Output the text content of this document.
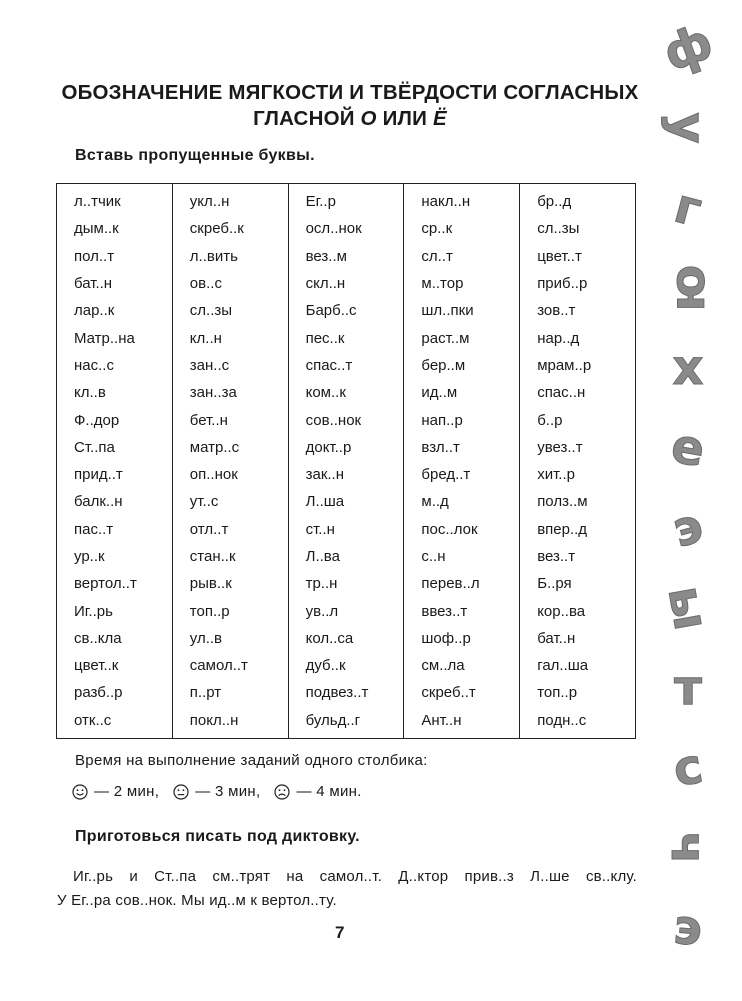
ОБОЗНАЧЕНИЕ МЯГКОСТИ И ТВЁРДОСТИ СОГЛАСНЫХ
ГЛАСНОЙ О ИЛИ Ё
Вставь пропущенные буквы.
л..тчик	укл..н	Ег..р	накл..н	бр..д
дым..к	скреб..к	осл..нок	ср..к	сл..зы
пол..т	л..вить	вез..м	сл..т	цвет..т
бат..н	ов..с	скл..н	м..тор	приб..р
лар..к	сл..зы	Барб..с	шл..пки	зов..т
Матр..на	кл..н	пес..к	раст..м	нар..д
нас..с	зан..с	спас..т	бер..м	мрам..р
кл..в	зан..за	ком..к	ид..м	спас..н
Ф..дор	бет..н	сов..нок	нап..р	б..р
Ст..па	матр..с	докт..р	взл..т	увез..т
прид..т	оп..нок	зак..н	бред..т	хит..р
балк..н	ут..с	Л..ша	м..д	полз..м
пас..т	отл..т	ст..н	пос..лок	впер..д
ур..к	стан..к	Л..ва	с..н	вез..т
вертол..т	рыв..к	тр..н	перев..л	Б..ря
Иг..рь	топ..р	ув..л	ввез..т	кор..ва
св..кла	ул..в	кол..са	шоф..р	бат..н
цвет..к	самол..т	дуб..к	см..ла	гал..ша
разб..р	п..рт	подвез..т	скреб..т	топ..р
отк..с	покл..н	бульд..г	Ант..н	подн..с
Время на выполнение заданий одного столбика:
— 2 мин, — 3 мин, — 4 мин.
Приготовься писать под диктовку.
Иг..рь и Ст..па см..трят на самол..т. Д..ктор прив..з Л..ше св..клу.
У Ег..ра сов..нок. Мы ид..м к вертол..ту.
7
ф
у
г
ю
х
е
э
ы
т
с
ч
э
